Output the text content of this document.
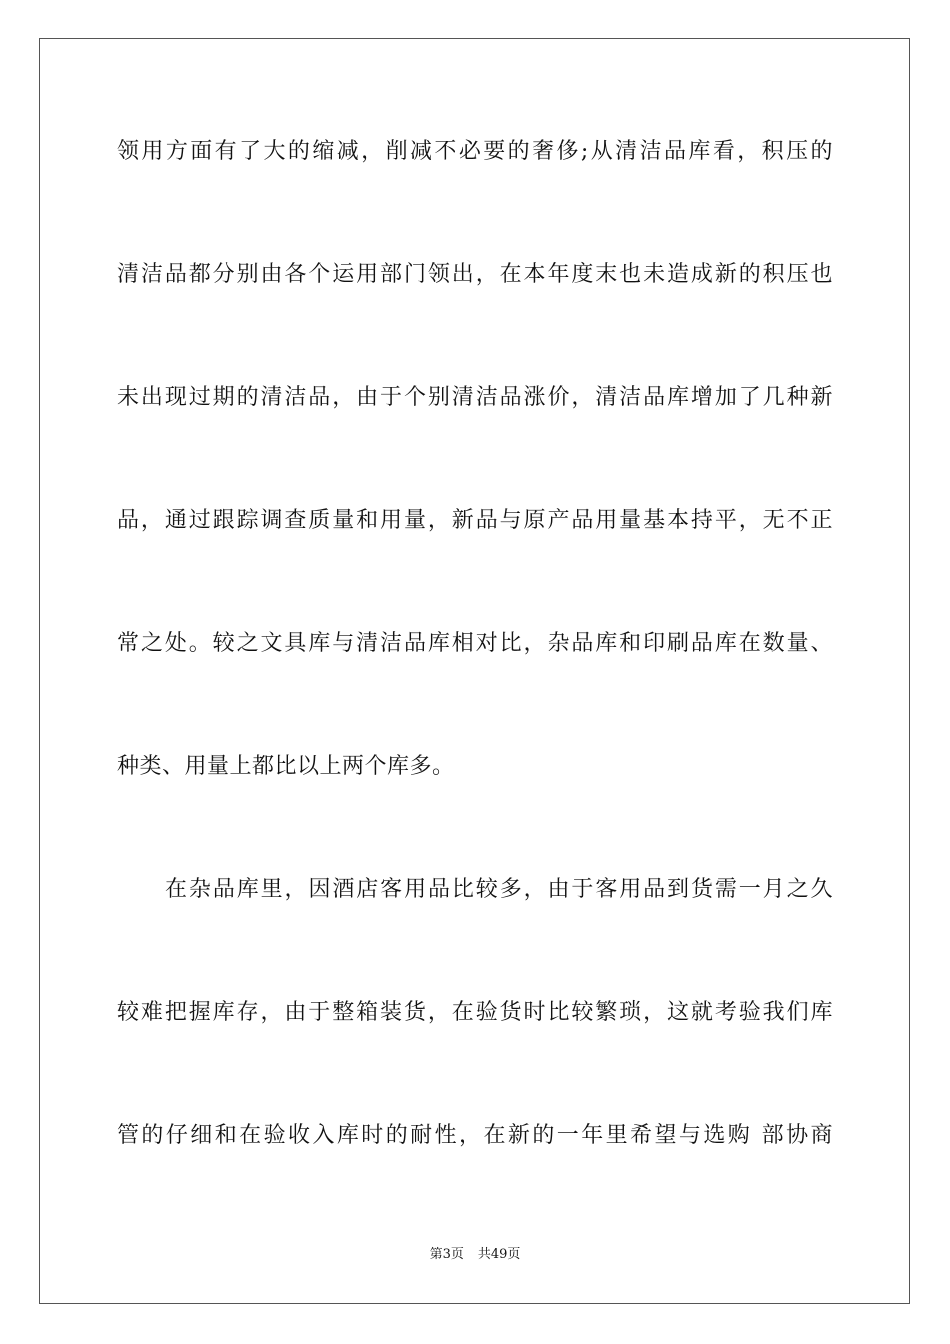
领用方面有了大的缩减，削减不必要的奢侈;从清洁品库看，积压的
清洁品都分别由各个运用部门领出，在本年度末也未造成新的积压也
未出现过期的清洁品，由于个别清洁品涨价，清洁品库增加了几种新
品，通过跟踪调查质量和用量，新品与原产品用量基本持平，无不正
常之处。较之文具库与清洁品库相对比，杂品库和印刷品库在数量、
种类、用量上都比以上两个库多。
在杂品库里，因酒店客用品比较多，由于客用品到货需一月之久
较难把握库存，由于整箱装货，在验货时比较繁琐，这就考验我们库
管的仔细和在验收入库时的耐性，在新的一年里希望与选购 部协商
第3页 共49页
